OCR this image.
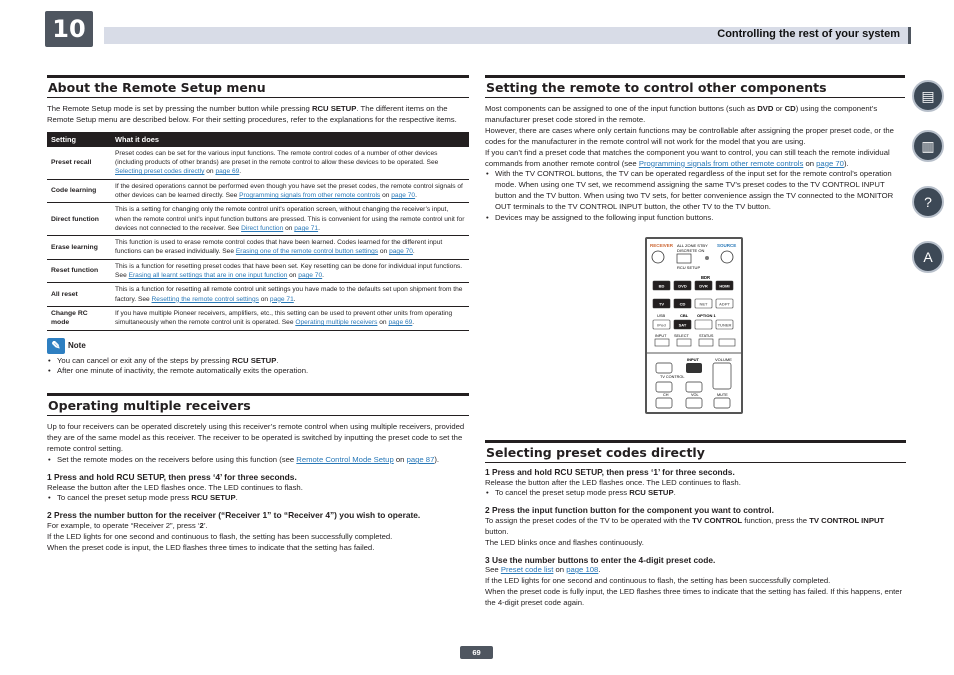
10	Controlling the rest of your system
About the Remote Setup menu

The Remote Setup mode is set by pressing the number button while pressing RCU SETUP. The different items on the Remote Setup menu are described below. For their setting procedures, refer to the explanations for the respective items.

Setting	What it does
Preset recall	Preset codes can be set for the various input functions. The remote control codes of a number of other devices (including products of other brands) are preset in the remote control to allow these devices to be operated. See Selecting preset codes directly on page 69.
Code learning	If the desired operations cannot be performed even though you have set the preset codes, the remote control signals of other devices can be learned directly. See Programming signals from other remote controls on page 70.
Direct function	This is a setting for changing only the remote control unit’s operation screen, without changing the receiver’s input, when the remote control unit’s input function buttons are pressed. This is convenient for using the remote control unit for devices not connected to the receiver. See Direct function on page 71.
Erase learning	This function is used to erase remote control codes that have been learned. Codes learned for the different input functions can be erased individually. See Erasing one of the remote control button settings on page 70.
Reset function	This is a function for resetting preset codes that have been set. Key resetting can be done for individual input functions. See Erasing all learnt settings that are in one input function on page 70.
All reset	This is a function for resetting all remote control unit settings you have made to the defaults set upon shipment from the factory. See Resetting the remote control settings on page 71.
Change RC mode	If you have multiple Pioneer receivers, amplifiers, etc., this setting can be used to prevent other units from operating simultaneously when the remote control unit is operated. See Operating multiple receivers on page 69.
✎ Note
• You can cancel or exit any of the steps by pressing RCU SETUP.
• After one minute of inactivity, the remote automatically exits the operation.
Operating multiple receivers

Up to four receivers can be operated discretely using this receiver’s remote control when using multiple receivers, provided they are of the same model as this receiver. The receiver to be operated is switched by inputting the preset code to set the remote control setting.

• Set the remote modes on the receivers before using this function (see Remote Control Mode Setup on page 87).
1 Press and hold RCU SETUP, then press ‘4’ for three seconds.

Release the button after the LED flashes once. The LED continues to flash.

• To cancel the preset setup mode press RCU SETUP.
2 Press the number button for the receiver (“Receiver 1” to “Receiver 4”) you wish to operate.

For example, to operate “Receiver 2”, press ‘2’.

If the LED lights for one second and continuous to flash, the setting has been successfully completed.

When the preset code is input, the LED flashes three times to indicate that the setting has failed.

Setting the remote to control other components

Most components can be assigned to one of the input function buttons (such as DVD or CD) using the component’s manufacturer preset code stored in the remote.

However, there are cases where only certain functions may be controllable after assigning the proper preset code, or the codes for the manufacturer in the remote control will not work for the model that you are using.

If you can’t find a preset code that matches the component you want to control, you can still teach the remote individual commands from another remote control (see Programming signals from other remote controls on page 70).

• With the TV CONTROL buttons, the TV can be operated regardless of the input set for the remote control’s operation mode. When using one TV set, we recommend assigning the same TV’s preset codes to the TV CONTROL INPUT button and the TV button. When using two TV sets, for better convenience assign the TV connected to the MONITOR OUT terminals to the TV CONTROL INPUT button, the other TV to the TV button.
• Devices may be assigned to the following input function buttons.
Selecting preset codes directly
1 Press and hold RCU SETUP, then press ‘1’ for three seconds.

Release the button after the LED flashes once. The LED continues to flash.

• To cancel the preset setup mode press RCU SETUP.
2 Press the input function button for the component you want to control.

To assign the preset codes of the TV to be operated with the TV CONTROL function, press the TV CONTROL INPUT button.

The LED blinks once and flashes continuously.

3 Use the number buttons to enter the 4-digit preset code.

See Preset code list on page 108.

If the LED lights for one second and continuous to flash, the setting has been successfully completed.

When the preset code is fully input, the LED flashes three times to indicate that the setting has failed. If this happens, enter the 4-digit preset code again.

RECEIVER ALL ZONE STBY
DISCRETE ON
SOURCE
RCU SETUP
BDR
BD	DVD	DVR	HDMI
TV	CD	NET	ADPT
USB	CBL OPTION 1
iPod	SAT	TUNER
INPUT SELECT	STATUS
INPUT	VOLUME
TV CONTROL
CH	VOL	MUTE
▤
▥
?
A
69
